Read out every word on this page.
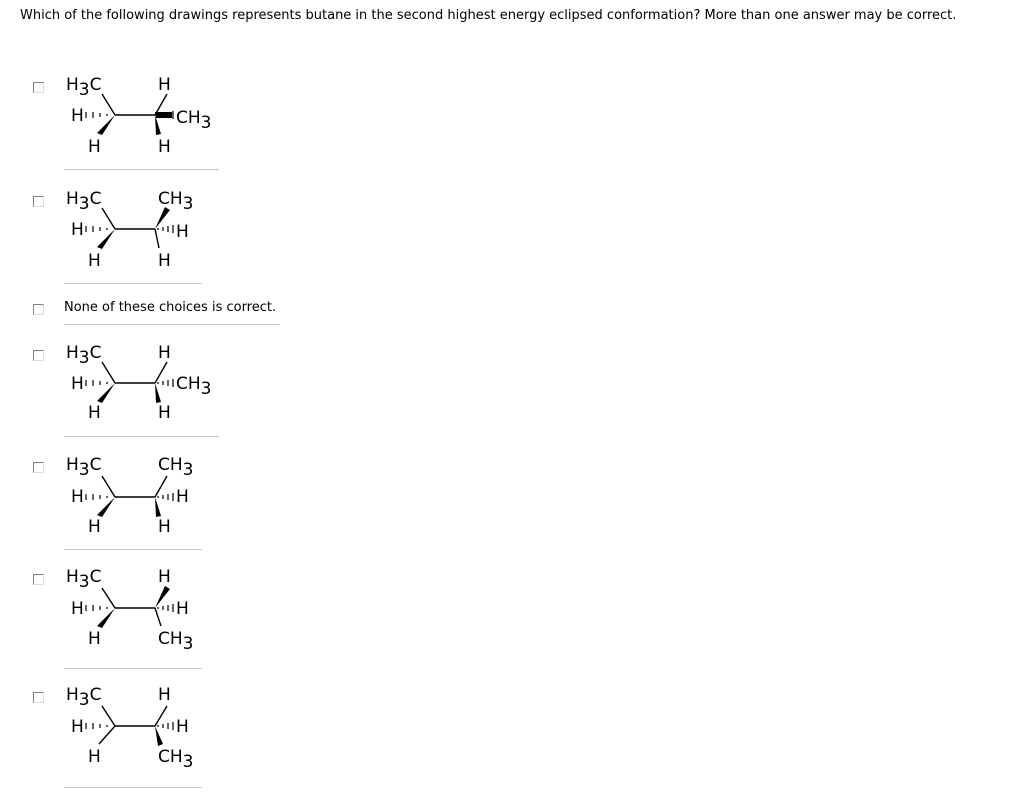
Which of the following drawings represents butane in the second highest energy eclipsed conformation? More than one answer may be correct.
H3C
H
H
H
CH3
H
H3C
H
H
CH3
H
H
None of these choices is correct.
H3C
H
H
H
CH3
H
H3C
H
H
CH3
H
H
H3C
H
H
H
H
CH3
H3C
H
H
H
H
CH3
